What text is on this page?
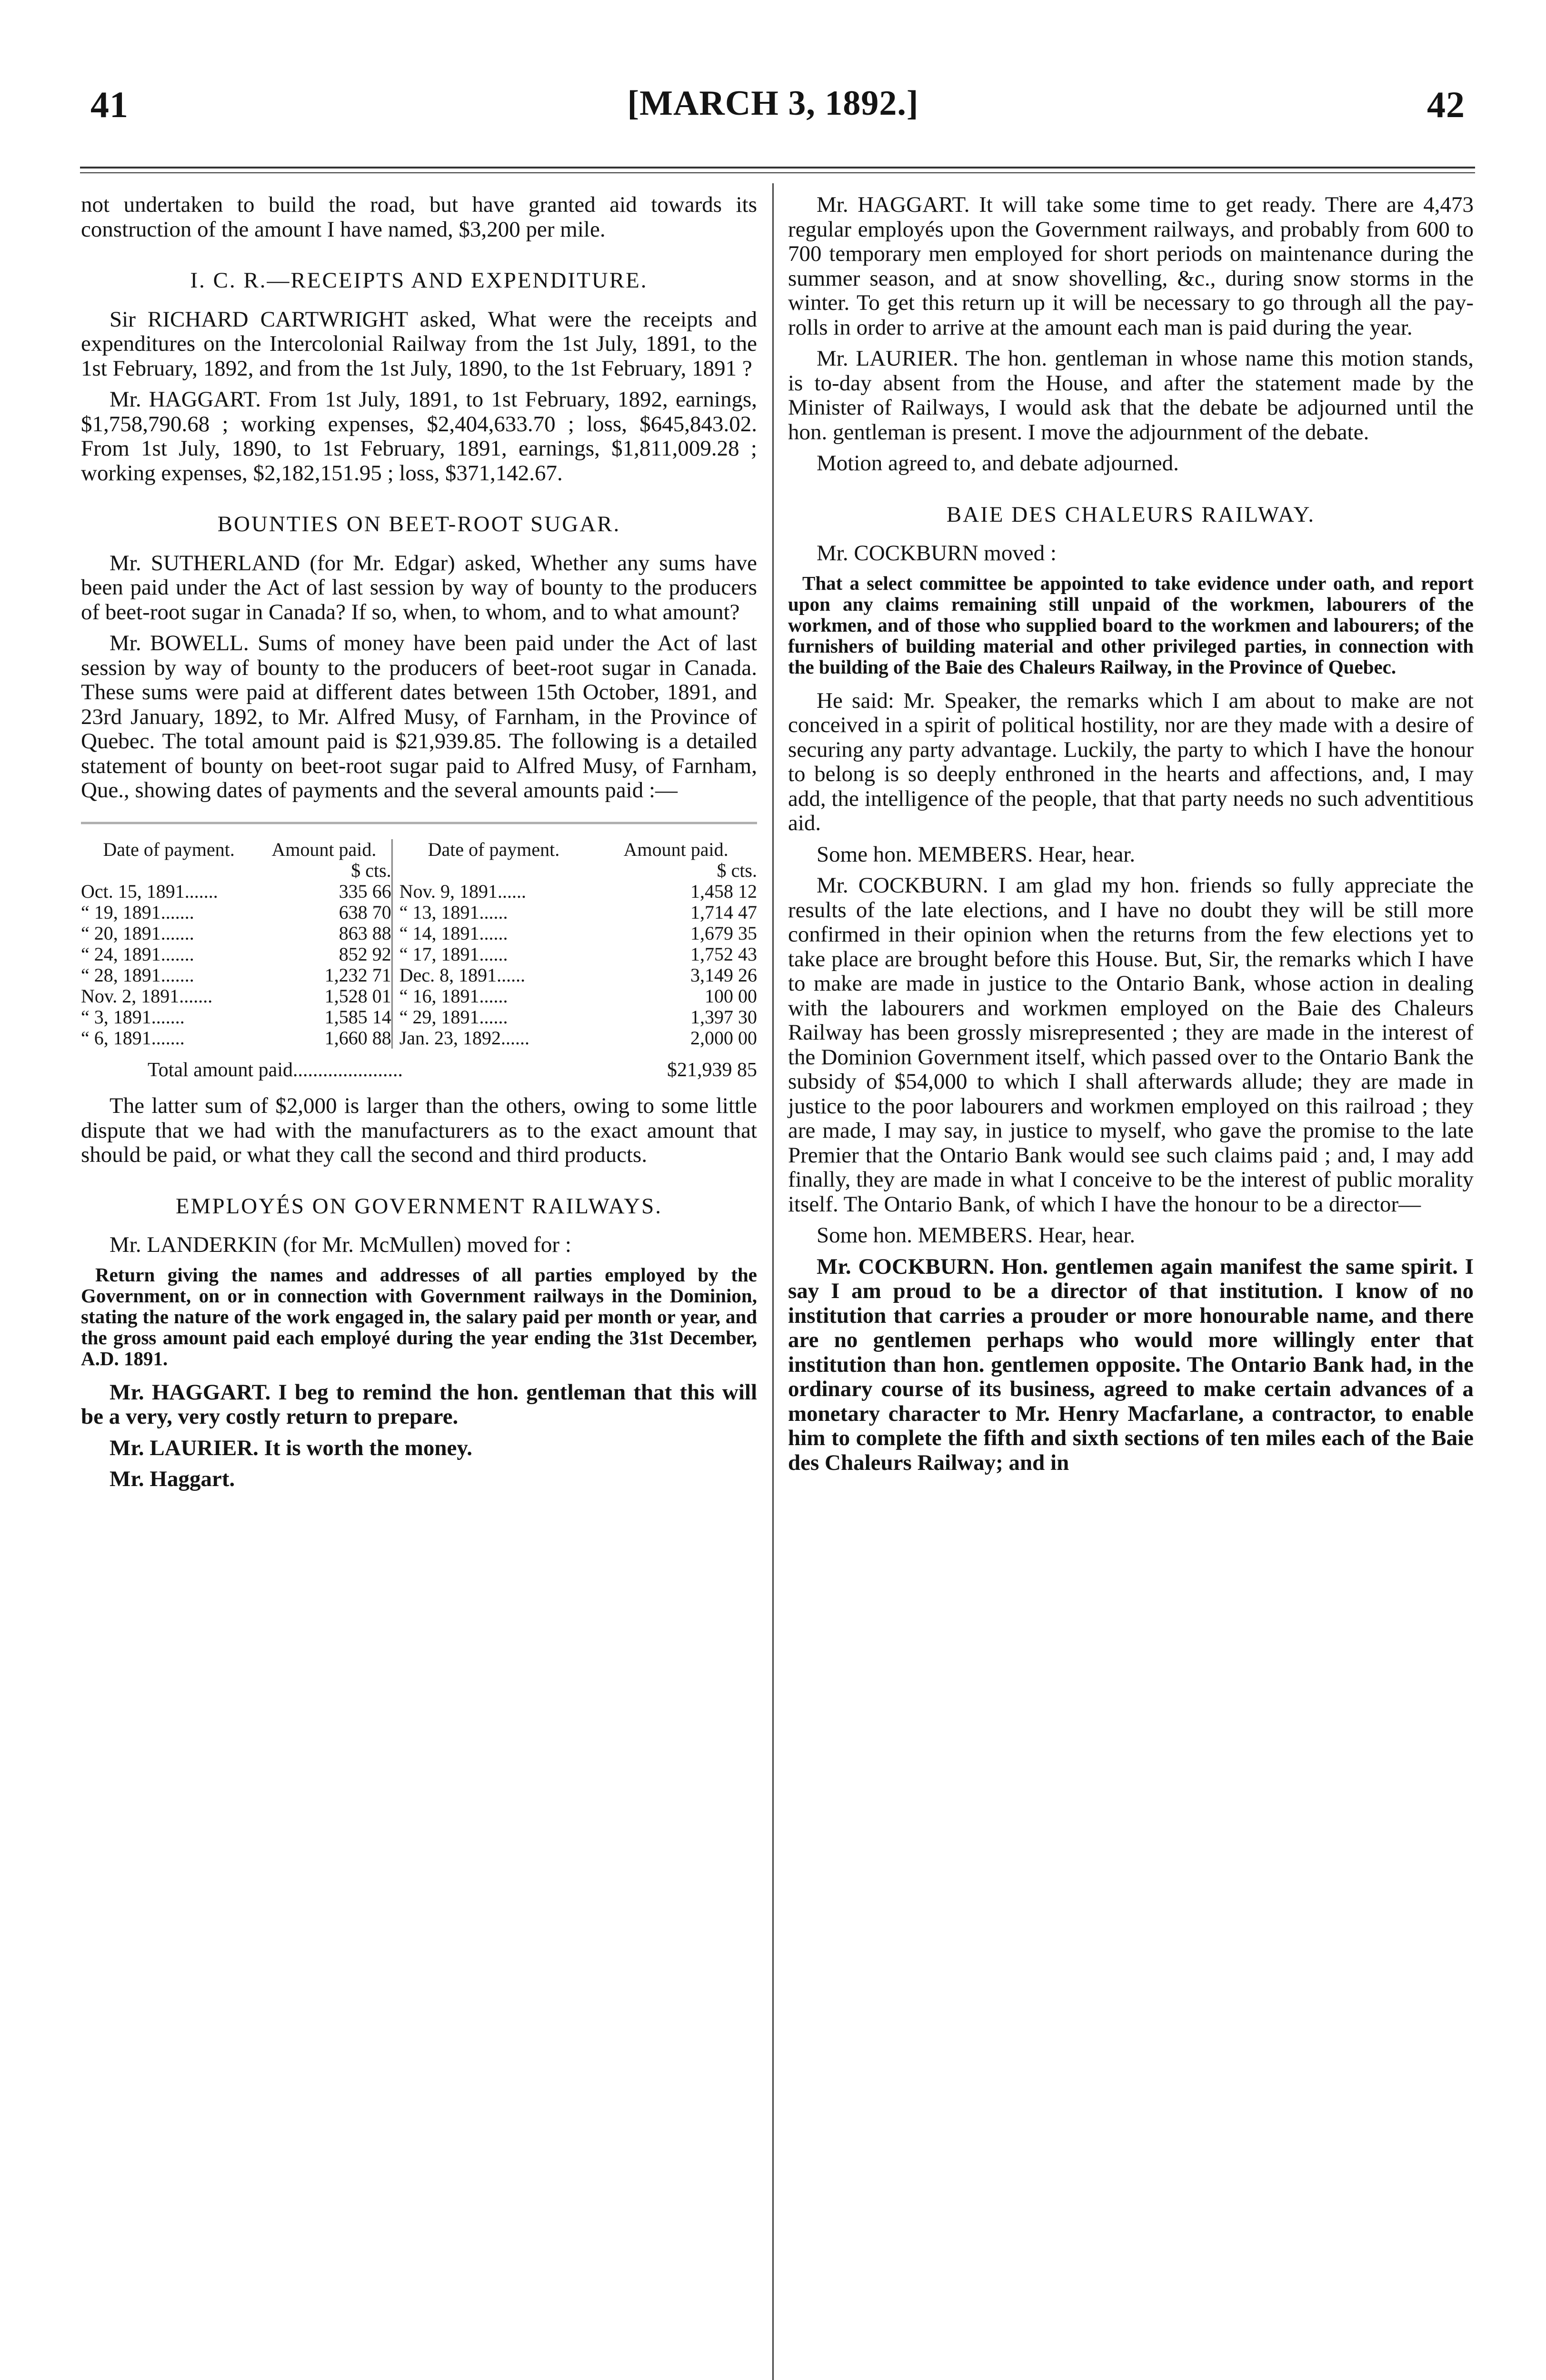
41	[MARCH 3, 1892.]	42

not undertaken to build the road, but have granted aid towards its construction of the amount I have named, $3,200 per mile.

I. C. R.—RECEIPTS AND EXPENDITURE.

Sir RICHARD CARTWRIGHT asked, What were the receipts and expenditures on the Intercolonial Railway from the 1st July, 1891, to the 1st February, 1892, and from the 1st July, 1890, to the 1st February, 1891 ?

Mr. HAGGART. From 1st July, 1891, to 1st February, 1892, earnings, $1,758,790.68 ; working expenses, $2,404,633.70 ; loss, $645,843.02. From 1st July, 1890, to 1st February, 1891, earnings, $1,811,009.28 ; working expenses, $2,182,151.95 ; loss, $371,142.67.

BOUNTIES ON BEET-ROOT SUGAR.

Mr. SUTHERLAND (for Mr. Edgar) asked, Whether any sums have been paid under the Act of last session by way of bounty to the producers of beet-root sugar in Canada? If so, when, to whom, and to what amount?

Mr. BOWELL. Sums of money have been paid under the Act of last session by way of bounty to the producers of beet-root sugar in Canada. These sums were paid at different dates between 15th October, 1891, and 23rd January, 1892, to Mr. Alfred Musy, of Farnham, in the Province of Quebec. The total amount paid is $21,939.85. The following is a detailed statement of bounty on beet-root sugar paid to Alfred Musy, of Farnham, Que., showing dates of payments and the several amounts paid :—

Date of payment.	Amount paid.	Date of payment.	Amount paid.
	$ cts.		$ cts.
Oct. 15, 1891.......	335 66	Nov. 9, 1891......	1,458 12
“ 19, 1891.......	638 70	“ 13, 1891......	1,714 47
“ 20, 1891.......	863 88	“ 14, 1891......	1,679 35
“ 24, 1891.......	852 92	“ 17, 1891......	1,752 43
“ 28, 1891.......	1,232 71	Dec. 8, 1891......	3,149 26
Nov. 2, 1891.......	1,528 01	“ 16, 1891......	100 00
“ 3, 1891.......	1,585 14	“ 29, 1891......	1,397 30
“ 6, 1891.......	1,660 88	Jan. 23, 1892......	2,000 00
Total amount paid......................	$21,939 85

The latter sum of $2,000 is larger than the others, owing to some little dispute that we had with the manufacturers as to the exact amount that should be paid, or what they call the second and third products.

EMPLOYÉS ON GOVERNMENT RAILWAYS.

Mr. LANDERKIN (for Mr. McMullen) moved for :

Return giving the names and addresses of all parties employed by the Government, on or in connection with Government railways in the Dominion, stating the nature of the work engaged in, the salary paid per month or year, and the gross amount paid each employé during the year ending the 31st December, A.D. 1891.

Mr. HAGGART. I beg to remind the hon. gentleman that this will be a very, very costly return to prepare.

Mr. LAURIER. It is worth the money.

Mr. Haggart.

Mr. HAGGART. It will take some time to get ready. There are 4,473 regular employés upon the Government railways, and probably from 600 to 700 temporary men employed for short periods on maintenance during the summer season, and at snow shovelling, &c., during snow storms in the winter. To get this return up it will be necessary to go through all the pay-rolls in order to arrive at the amount each man is paid during the year.

Mr. LAURIER. The hon. gentleman in whose name this motion stands, is to-day absent from the House, and after the statement made by the Minister of Railways, I would ask that the debate be adjourned until the hon. gentleman is present. I move the adjournment of the debate.

Motion agreed to, and debate adjourned.

BAIE DES CHALEURS RAILWAY.

Mr. COCKBURN moved :

That a select committee be appointed to take evidence under oath, and report upon any claims remaining still unpaid of the workmen, labourers of the workmen, and of those who supplied board to the workmen and labourers; of the furnishers of building material and other privileged parties, in connection with the building of the Baie des Chaleurs Railway, in the Province of Quebec.

He said: Mr. Speaker, the remarks which I am about to make are not conceived in a spirit of political hostility, nor are they made with a desire of securing any party advantage. Luckily, the party to which I have the honour to belong is so deeply enthroned in the hearts and affections, and, I may add, the intelligence of the people, that that party needs no such adventitious aid.

Some hon. MEMBERS. Hear, hear.

Mr. COCKBURN. I am glad my hon. friends so fully appreciate the results of the late elections, and I have no doubt they will be still more confirmed in their opinion when the returns from the few elections yet to take place are brought before this House. But, Sir, the remarks which I have to make are made in justice to the Ontario Bank, whose action in dealing with the labourers and workmen employed on the Baie des Chaleurs Railway has been grossly misrepresented ; they are made in the interest of the Dominion Government itself, which passed over to the Ontario Bank the subsidy of $54,000 to which I shall afterwards allude; they are made in justice to the poor labourers and workmen employed on this railroad ; they are made, I may say, in justice to myself, who gave the promise to the late Premier that the Ontario Bank would see such claims paid ; and, I may add finally, they are made in what I conceive to be the interest of public morality itself. The Ontario Bank, of which I have the honour to be a director—

Some hon. MEMBERS. Hear, hear.

Mr. COCKBURN. Hon. gentlemen again manifest the same spirit. I say I am proud to be a director of that institution. I know of no institution that carries a prouder or more honourable name, and there are no gentlemen perhaps who would more willingly enter that institution than hon. gentlemen opposite. The Ontario Bank had, in the ordinary course of its business, agreed to make certain advances of a monetary character to Mr. Henry Macfarlane, a contractor, to enable him to complete the fifth and sixth sections of ten miles each of the Baie des Chaleurs Railway; and in
